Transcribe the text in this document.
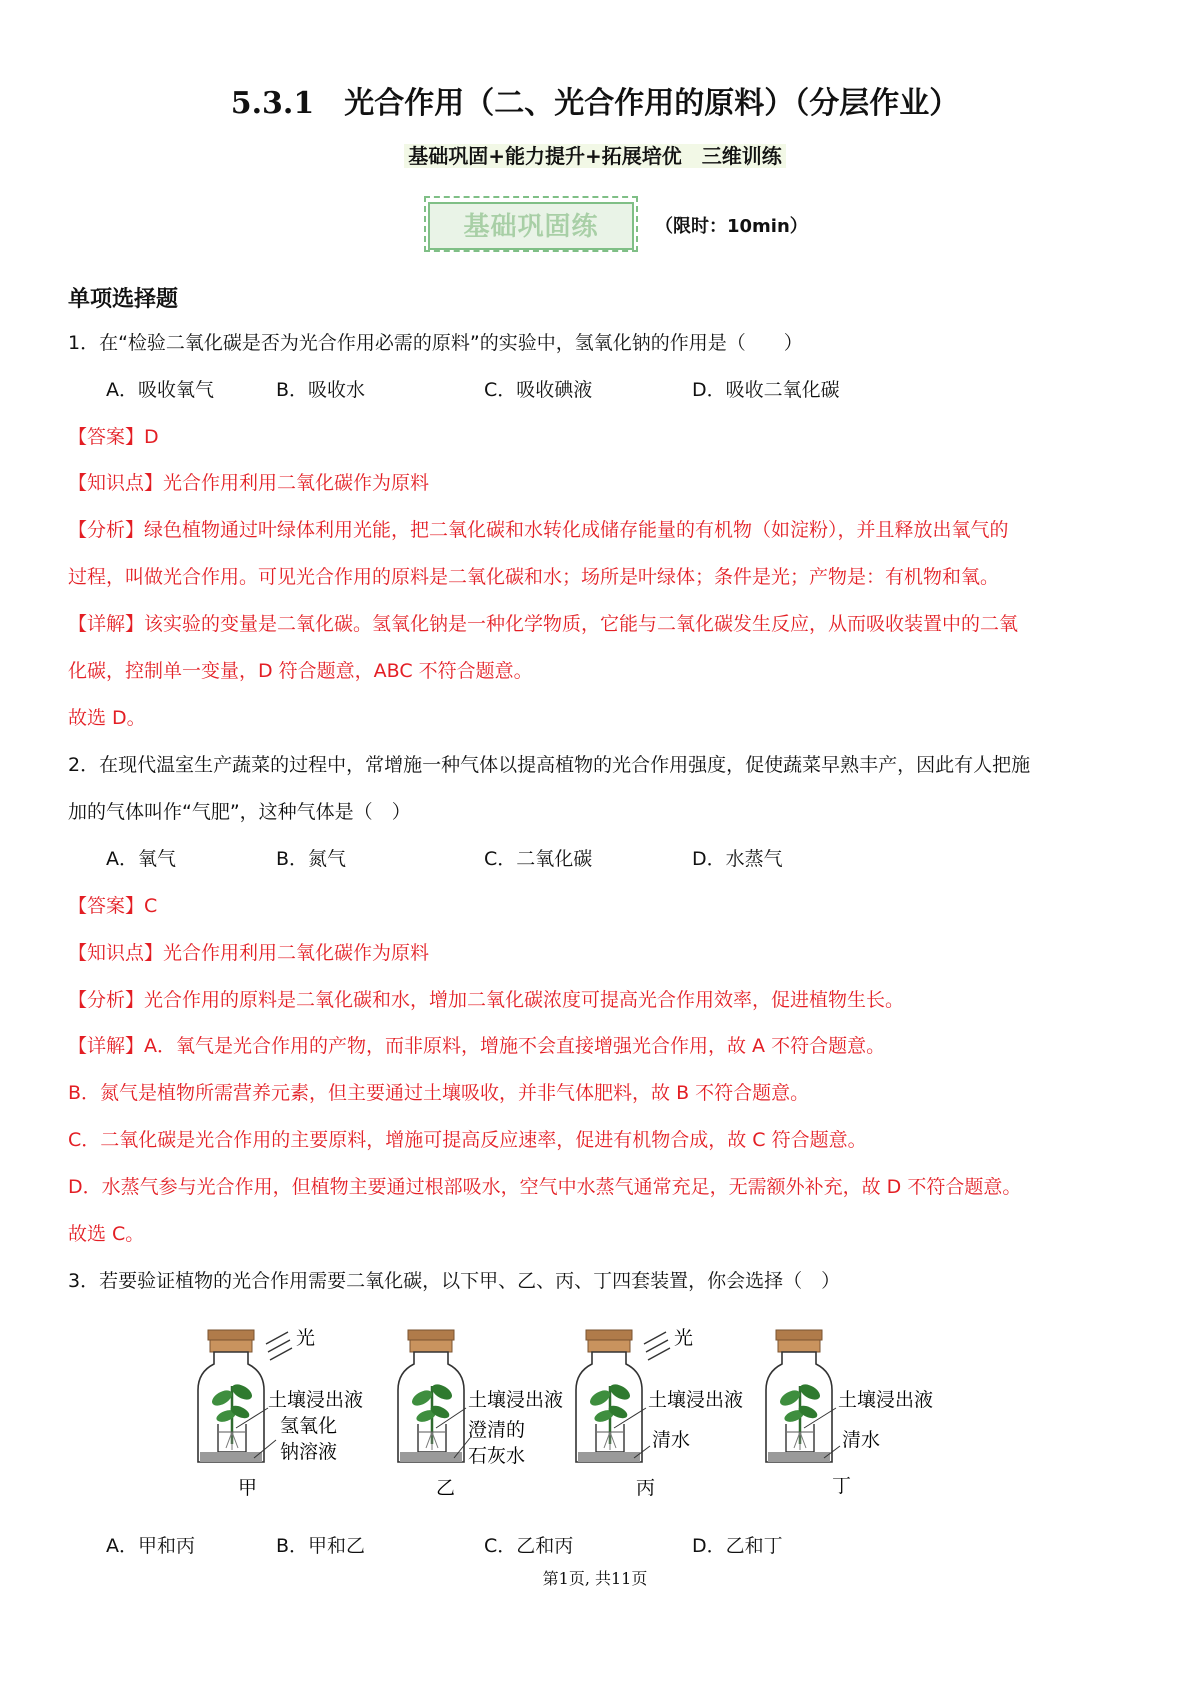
5.3.1　光合作用（二、光合作用的原料）（分层作业）
基础巩固+能力提升+拓展培优　三维训练
基础巩固练	（限时：10min）
单项选择题
1．在“检验二氧化碳是否为光合作用必需的原料”的实验中，氢氧化钠的作用是（　　）
A．吸收氧气	B．吸收水	C．吸收碘液	D．吸收二氧化碳
【答案】D
【知识点】光合作用利用二氧化碳作为原料
【分析】绿色植物通过叶绿体利用光能，把二氧化碳和水转化成储存能量的有机物（如淀粉），并且释放出氧气的
过程，叫做光合作用。可见光合作用的原料是二氧化碳和水；场所是叶绿体；条件是光；产物是：有机物和氧。
【详解】该实验的变量是二氧化碳。氢氧化钠是一种化学物质，它能与二氧化碳发生反应，从而吸收装置中的二氧
化碳，控制单一变量，D 符合题意，ABC 不符合题意。
故选 D。
2．在现代温室生产蔬菜的过程中，常增施一种气体以提高植物的光合作用强度，促使蔬菜早熟丰产，因此有人把施
加的气体叫作“气肥”，这种气体是（　）
A．氧气	B．氮气	C．二氧化碳	D．水蒸气
【答案】C
【知识点】光合作用利用二氧化碳作为原料
【分析】光合作用的原料是二氧化碳和水，增加二氧化碳浓度可提高光合作用效率，促进植物生长。
【详解】A．氧气是光合作用的产物，而非原料，增施不会直接增强光合作用，故 A 不符合题意。
B．氮气是植物所需营养元素，但主要通过土壤吸收，并非气体肥料，故 B 不符合题意。
C．二氧化碳是光合作用的主要原料，增施可提高反应速率，促进有机物合成，故 C 符合题意。
D．水蒸气参与光合作用，但植物主要通过根部吸水，空气中水蒸气通常充足，无需额外补充，故 D 不符合题意。
故选 C。
3．若要验证植物的光合作用需要二氧化碳，以下甲、乙、丙、丁四套装置，你会选择（　）
光
土壤浸出液
氢氧化
钠溶液
土壤浸出液
澄清的
石灰水
光
土壤浸出液
清水
土壤浸出液
清水
甲	乙	丙	丁
A．甲和丙	B．甲和乙	C．乙和丙	D．乙和丁
第1页, 共11页
